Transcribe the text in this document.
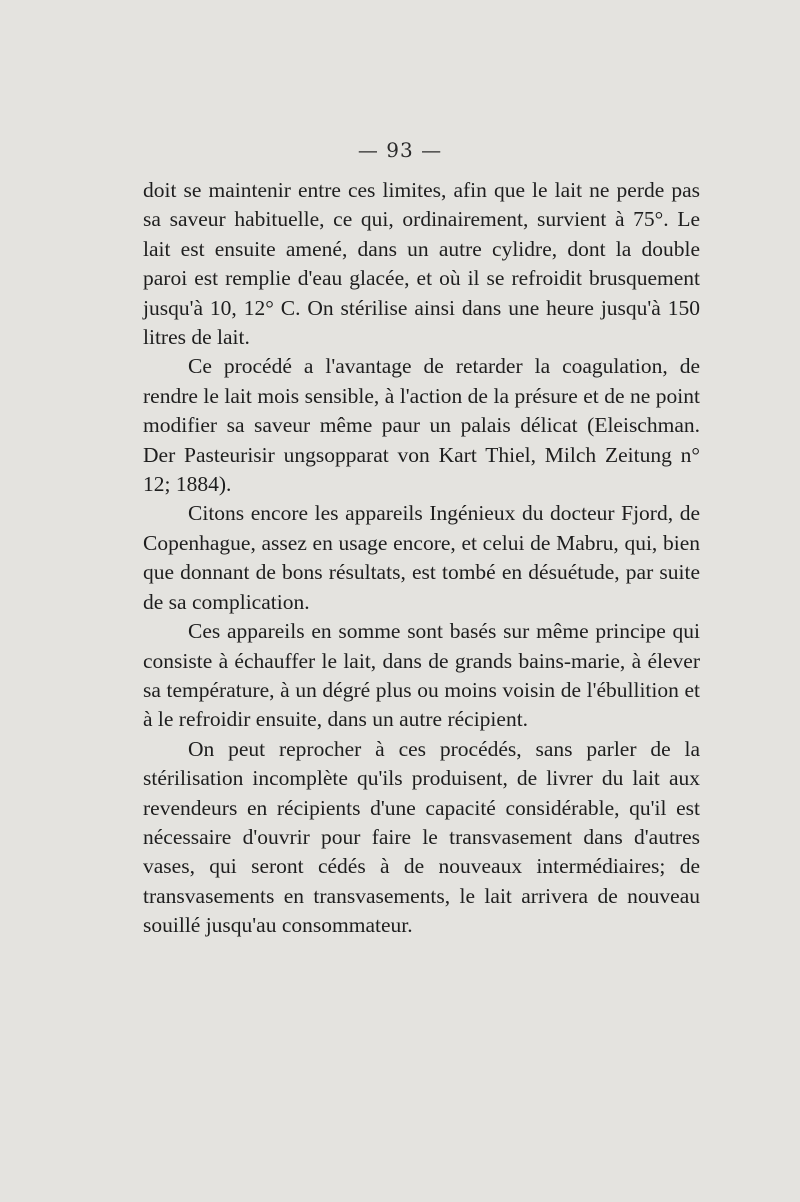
— 93 —

doit se maintenir entre ces limites, afin que le lait ne perde pas sa saveur habituelle, ce qui, ordinairement, survient à 75°. Le lait est ensuite amené, dans un autre cylidre, dont la double paroi est remplie d'eau glacée, et où il se refroidit brusquement jusqu'à 10, 12° C. On stérilise ainsi dans une heure jusqu'à 150 litres de lait.

Ce procédé a l'avantage de retarder la coagulation, de rendre le lait mois sensible, à l'action de la présure et de ne point modifier sa saveur même paur un palais délicat (Eleischman. Der Pasteurisir ungsopparat von Kart Thiel, Milch Zeitung n° 12; 1884).

Citons encore les appareils Ingénieux du docteur Fjord, de Copenhague, assez en usage encore, et celui de Mabru, qui, bien que donnant de bons résultats, est tombé en désuétude, par suite de sa complication.

Ces appareils en somme sont basés sur même principe qui consiste à échauffer le lait, dans de grands bains-marie, à élever sa température, à un dégré plus ou moins voisin de l'ébullition et à le refroidir ensuite, dans un autre récipient.

On peut reprocher à ces procédés, sans parler de la stérilisation incomplète qu'ils produisent, de livrer du lait aux revendeurs en récipients d'une capacité considérable, qu'il est nécessaire d'ouvrir pour faire le transvasement dans d'autres vases, qui seront cédés à de nouveaux intermédiaires; de transvasements en transvasements, le lait arrivera de nouveau souillé jusqu'au consommateur.
